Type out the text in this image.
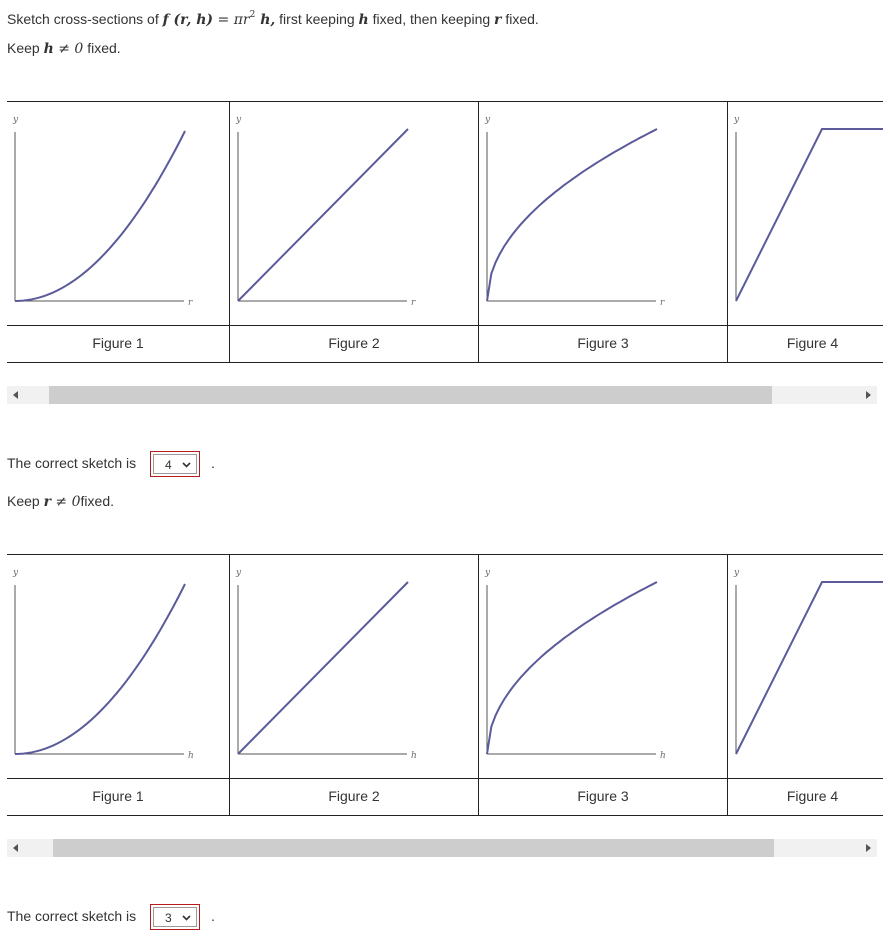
Sketch cross-sections of f (r, $h) = \pi r^2$ h, first keeping h fixed, then keeping r fixed.
Keep h ≠ 0 fixed.
y
r
Figure 1
y
r
Figure 2
y
r
Figure 3
y
Figure 4
The correct sketch is 4	.
Keep r ≠ 0fixed.
y
h
Figure 1
y
h
Figure 2
y
h
Figure 3
y
Figure 4
The correct sketch is 3	.
